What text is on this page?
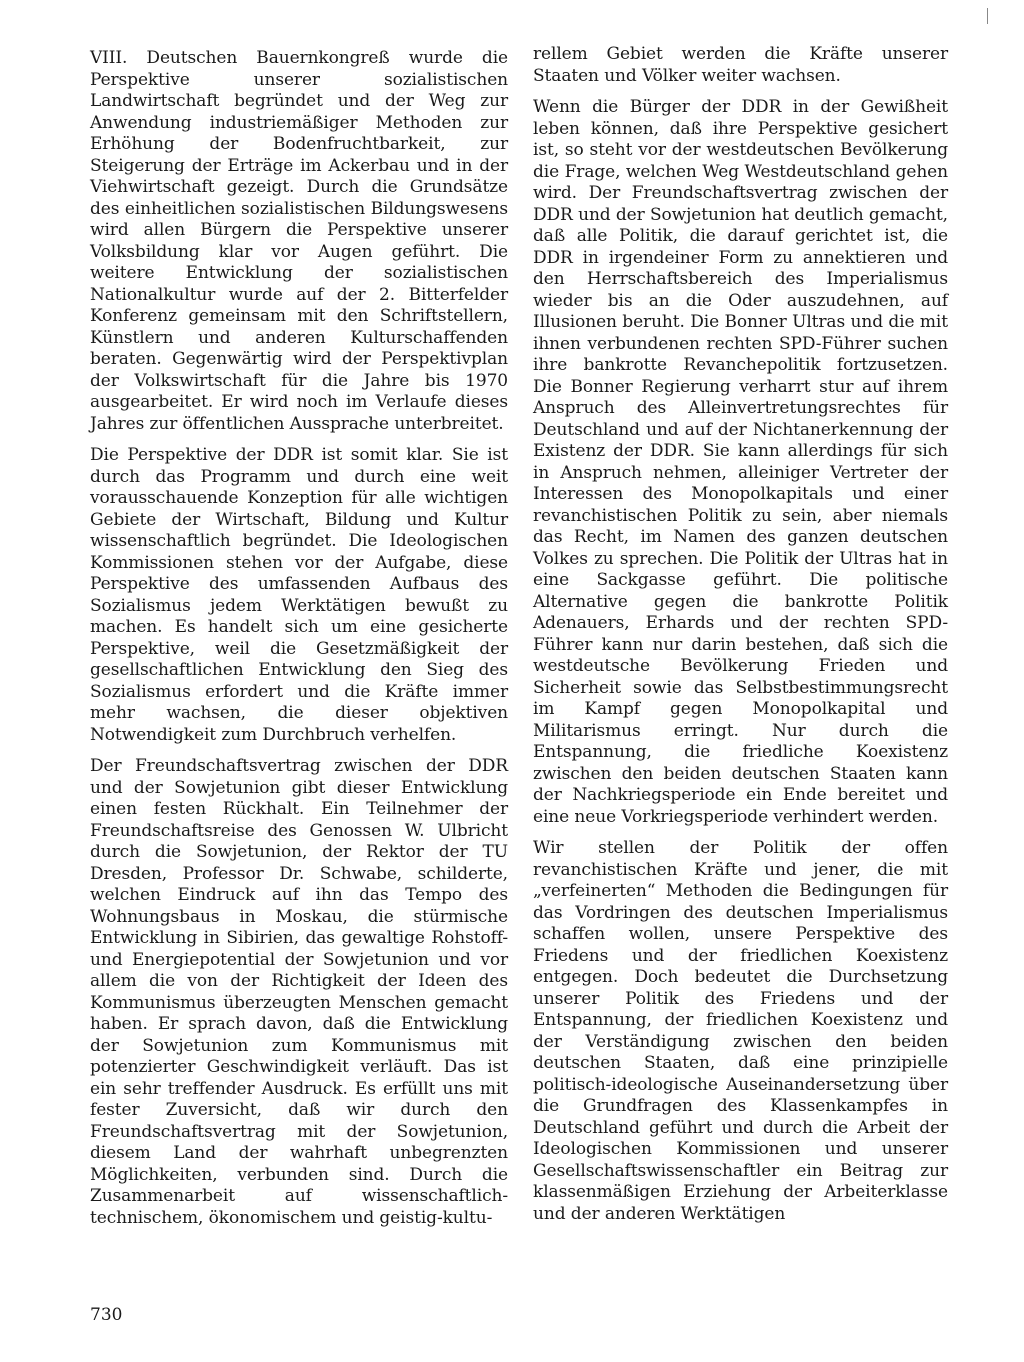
VIII. Deutschen Bauernkongreß wurde die Perspektive unserer sozialistischen Landwirtschaft begründet und der Weg zur Anwendung industriemäßiger Methoden zur Erhöhung der Bodenfruchtbarkeit, zur Steigerung der Erträge im Ackerbau und in der Viehwirtschaft gezeigt. Durch die Grundsätze des einheitlichen sozialistischen Bildungswesens wird allen Bürgern die Perspektive unserer Volksbildung klar vor Augen geführt. Die weitere Entwicklung der sozialistischen Nationalkultur wurde auf der 2. Bitterfelder Konferenz gemeinsam mit den Schriftstellern, Künstlern und anderen Kulturschaffenden beraten. Gegenwärtig wird der Perspektivplan der Volkswirtschaft für die Jahre bis 1970 ausgearbeitet. Er wird noch im Verlaufe dieses Jahres zur öffentlichen Aussprache unterbreitet.

Die Perspektive der DDR ist somit klar. Sie ist durch das Programm und durch eine weit vorausschauende Konzeption für alle wichtigen Gebiete der Wirtschaft, Bildung und Kultur wissenschaftlich begründet. Die Ideologischen Kommissionen stehen vor der Aufgabe, diese Perspektive des umfassenden Aufbaus des Sozialismus jedem Werktätigen bewußt zu machen. Es handelt sich um eine gesicherte Perspektive, weil die Gesetzmäßigkeit der gesellschaftlichen Entwicklung den Sieg des Sozialismus erfordert und die Kräfte immer mehr wachsen, die dieser objektiven Notwendigkeit zum Durchbruch verhelfen.

Der Freundschaftsvertrag zwischen der DDR und der Sowjetunion gibt dieser Entwicklung einen festen Rückhalt. Ein Teilnehmer der Freundschaftsreise des Genossen W. Ulbricht durch die Sowjetunion, der Rektor der TU Dresden, Professor Dr. Schwabe, schilderte, welchen Eindruck auf ihn das Tempo des Wohnungsbaus in Moskau, die stürmische Entwicklung in Sibirien, das gewaltige Rohstoff- und Energiepotential der Sowjetunion und vor allem die von der Richtigkeit der Ideen des Kommunismus überzeugten Menschen gemacht haben. Er sprach davon, daß die Entwicklung der Sowjetunion zum Kommunismus mit potenzierter Geschwindigkeit verläuft. Das ist ein sehr treffender Ausdruck. Es erfüllt uns mit fester Zuversicht, daß wir durch den Freundschaftsvertrag mit der Sowjetunion, diesem Land der wahrhaft unbegrenzten Möglichkeiten, verbunden sind. Durch die Zusammenarbeit auf wissenschaftlich-technischem, ökonomischem und geistig-kultu-

rellem Gebiet werden die Kräfte unserer Staaten und Völker weiter wachsen.

Wenn die Bürger der DDR in der Gewißheit leben können, daß ihre Perspektive gesichert ist, so steht vor der westdeutschen Bevölkerung die Frage, welchen Weg Westdeutschland gehen wird. Der Freundschaftsvertrag zwischen der DDR und der Sowjetunion hat deutlich gemacht, daß alle Politik, die darauf gerichtet ist, die DDR in irgendeiner Form zu annektieren und den Herrschaftsbereich des Imperialismus wieder bis an die Oder auszudehnen, auf Illusionen beruht. Die Bonner Ultras und die mit ihnen verbundenen rechten SPD-Führer suchen ihre bankrotte Revanchepolitik fortzusetzen. Die Bonner Regierung verharrt stur auf ihrem Anspruch des Alleinvertretungsrechtes für Deutschland und auf der Nichtanerkennung der Existenz der DDR. Sie kann allerdings für sich in Anspruch nehmen, alleiniger Vertreter der Interessen des Monopolkapitals und einer revanchistischen Politik zu sein, aber niemals das Recht, im Namen des ganzen deutschen Volkes zu sprechen. Die Politik der Ultras hat in eine Sackgasse geführt. Die politische Alternative gegen die bankrotte Politik Adenauers, Erhards und der rechten SPD-Führer kann nur darin bestehen, daß sich die westdeutsche Bevölkerung Frieden und Sicherheit sowie das Selbstbestimmungsrecht im Kampf gegen Monopolkapital und Militarismus erringt. Nur durch die Entspannung, die friedliche Koexistenz zwischen den beiden deutschen Staaten kann der Nachkriegsperiode ein Ende bereitet und eine neue Vorkriegsperiode verhindert werden.

Wir stellen der Politik der offen revanchistischen Kräfte und jener, die mit „verfeinerten“ Methoden die Bedingungen für das Vordringen des deutschen Imperialismus schaffen wollen, unsere Perspektive des Friedens und der friedlichen Koexistenz entgegen. Doch bedeutet die Durchsetzung unserer Politik des Friedens und der Entspannung, der friedlichen Koexistenz und der Verständigung zwischen den beiden deutschen Staaten, daß eine prinzipielle politisch-ideologische Auseinandersetzung über die Grundfragen des Klassenkampfes in Deutschland geführt und durch die Arbeit der Ideologischen Kommissionen und unserer Gesellschaftswissenschaftler ein Beitrag zur klassenmäßigen Erziehung der Arbeiterklasse und der anderen Werktätigen

730
